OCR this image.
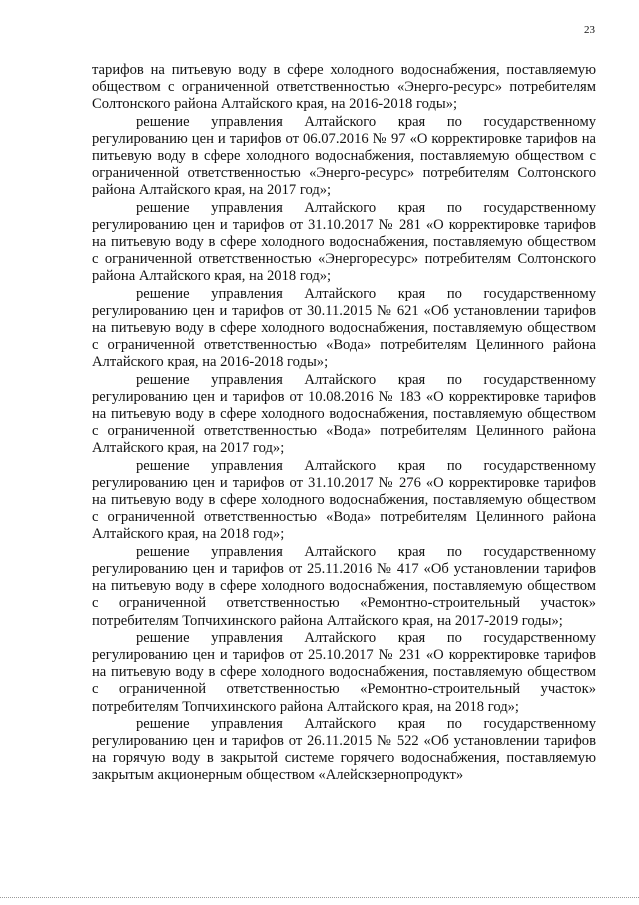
23

тарифов на питьевую воду в сфере холодного водоснабжения, поставляемую обществом с ограниченной ответственностью «Энерго-ресурс» потребителям Солтонского района Алтайского края, на 2016-2018 годы»;

решение управления Алтайского края по государственному регулированию цен и тарифов от 06.07.2016 № 97 «О корректировке тарифов на питьевую воду в сфере холодного водоснабжения, поставляемую обществом с ограниченной ответственностью «Энерго-ресурс» потребителям Солтонского района Алтайского края, на 2017 год»;

решение управления Алтайского края по государственному регулированию цен и тарифов от 31.10.2017 № 281 «О корректировке тарифов на питьевую воду в сфере холодного водоснабжения, поставляемую обществом с ограниченной ответственностью «Энергоресурс» потребителям Солтонского района Алтайского края, на 2018 год»;

решение управления Алтайского края по государственному регулированию цен и тарифов от 30.11.2015 № 621 «Об установлении тарифов на питьевую воду в сфере холодного водоснабжения, поставляемую обществом с ограниченной ответственностью «Вода» потребителям Целинного района Алтайского края, на 2016-2018 годы»;

решение управления Алтайского края по государственному регулированию цен и тарифов от 10.08.2016 № 183 «О корректировке тарифов на питьевую воду в сфере холодного водоснабжения, поставляемую обществом с ограниченной ответственностью «Вода» потребителям Целинного района Алтайского края, на 2017 год»;

решение управления Алтайского края по государственному регулированию цен и тарифов от 31.10.2017 № 276 «О корректировке тарифов на питьевую воду в сфере холодного водоснабжения, поставляемую обществом с ограниченной ответственностью «Вода» потребителям Целинного района Алтайского края, на 2018 год»;

решение управления Алтайского края по государственному регулированию цен и тарифов от 25.11.2016 № 417 «Об установлении тарифов на питьевую воду в сфере холодного водоснабжения, поставляемую обществом с ограниченной ответственностью «Ремонтно-строительный участок» потребителям Топчихинского района Алтайского края, на 2017-2019 годы»;

решение управления Алтайского края по государственному регулированию цен и тарифов от 25.10.2017 № 231 «О корректировке тарифов на питьевую воду в сфере холодного водоснабжения, поставляемую обществом с ограниченной ответственностью «Ремонтно-строительный участок» потребителям Топчихинского района Алтайского края, на 2018 год»;

решение управления Алтайского края по государственному регулированию цен и тарифов от 26.11.2015 № 522 «Об установлении тарифов на горячую воду в закрытой системе горячего водоснабжения, поставляемую закрытым акционерным обществом «Алейскзернопродукт»
